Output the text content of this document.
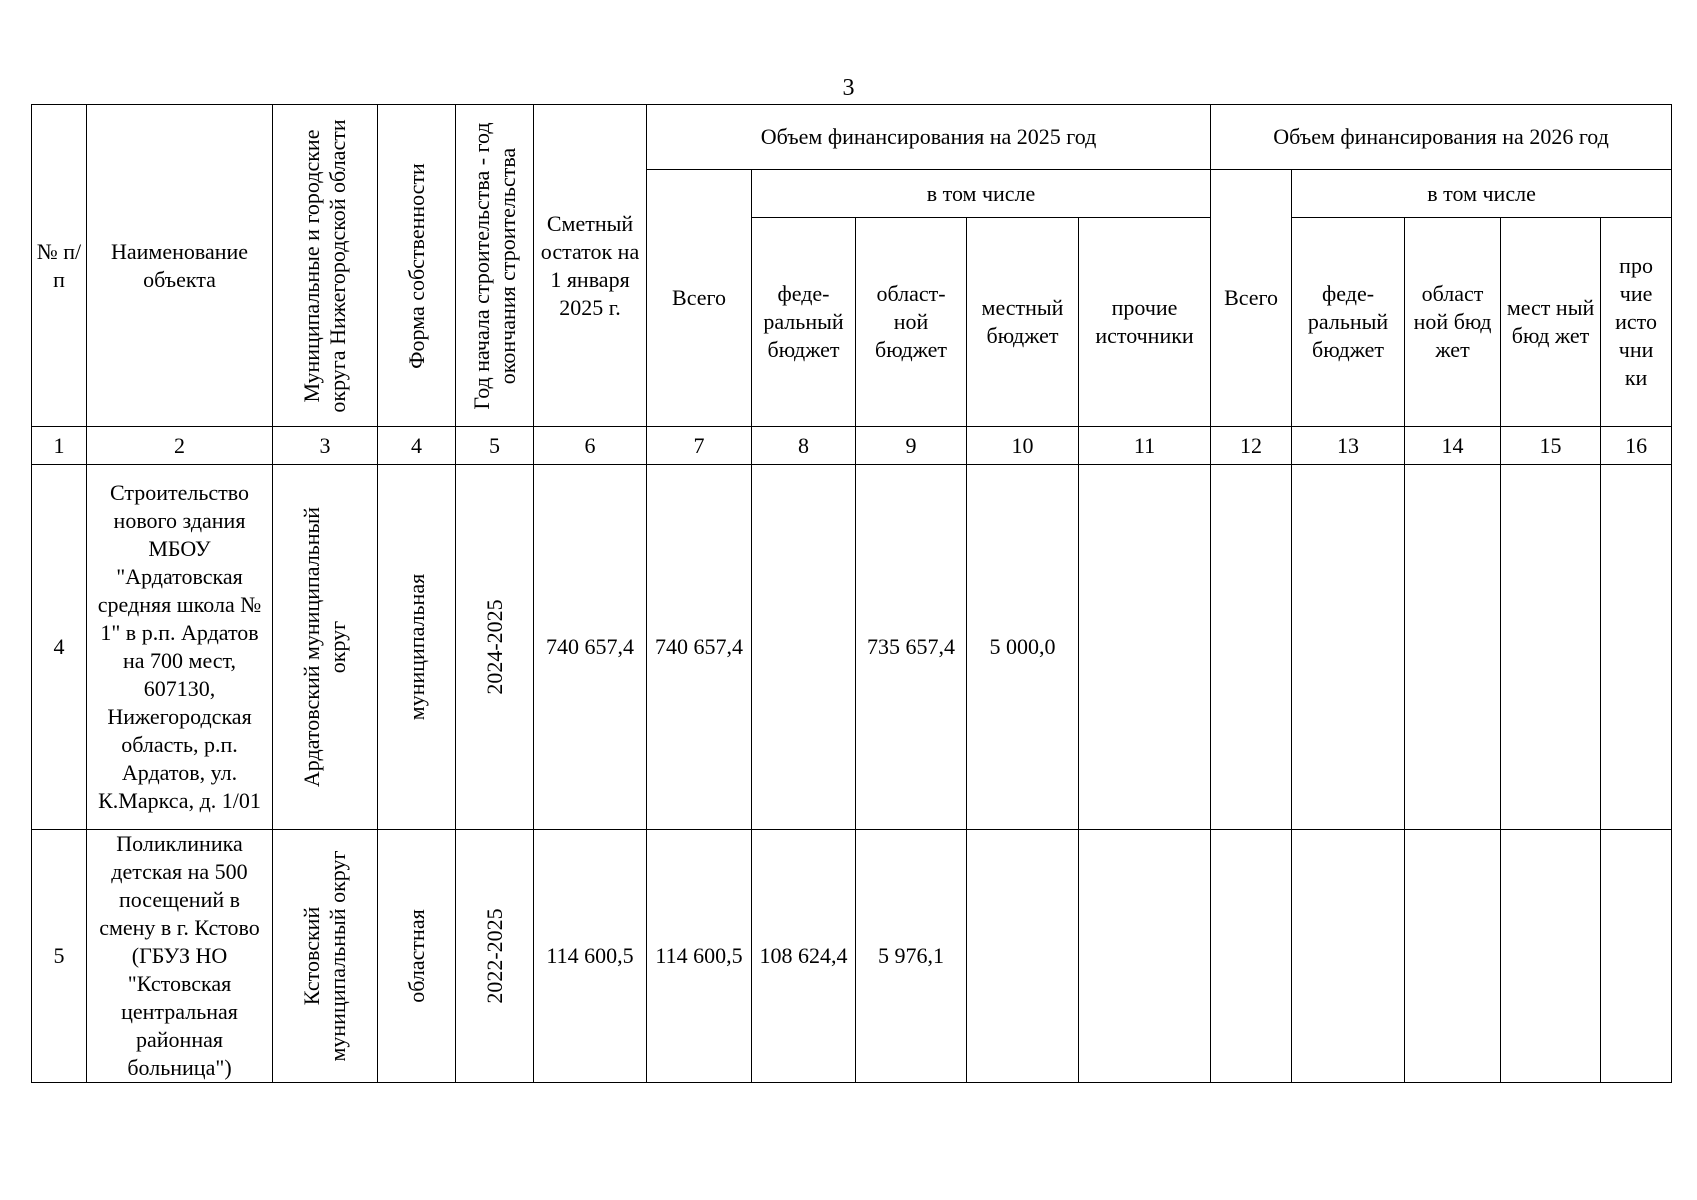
3
№ п/п	Наименование объекта	Муниципальные и городские округа Нижегородской области	Форма собственности	Год начала строительства - год окончания строительства	Сметный остаток на 1 января 2025 г.	Объем финансирования на 2025 год					Объем финансирования на 2026 год				
						Всего	в том числе				Всего	в том числе			
							феде-ральный бюджет	област-ной бюджет	местный бюджет	прочие источники		феде-ральный бюджет	област ной бюд жет	мест ный бюд жет	про чие исто чни ки
1	2	3	4	5	6	7	8	9	10	11	12	13	14	15	16
4	Строительство нового здания МБОУ "Ардатовская средняя школа № 1" в р.п. Ардатов на 700 мест, 607130, Нижегородская область, р.п. Ардатов, ул. К.Маркса, д. 1/01	Ардатовский муниципальный округ	муниципальная	2024-2025	740 657,4	740 657,4		735 657,4	5 000,0						
5	Поликлиника детская на 500 посещений в смену в г. Кстово (ГБУЗ НО "Кстовская центральная районная больница")	Кстовский муниципальный округ	областная	2022-2025	114 600,5	114 600,5	108 624,4	5 976,1							
